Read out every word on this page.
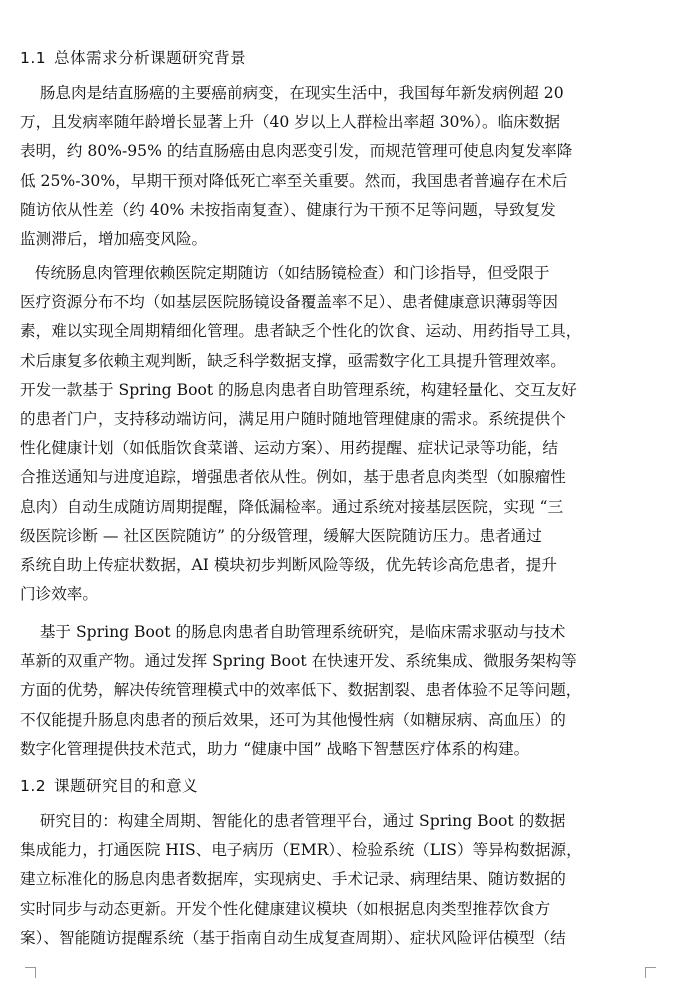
1.1 总体需求分析课题研究背景
肠息肉是结直肠癌的主要癌前病变，在现实生活中，我国每年新发病例超 20
万，且发病率随年龄增长显著上升（40 岁以上人群检出率超 30%）。临床数据
表明，约 80%-95% 的结直肠癌由息肉恶变引发，而规范管理可使息肉复发率降
低 25%-30%，早期干预对降低死亡率至关重要。然而，我国患者普遍存在术后
随访依从性差（约 40% 未按指南复查）、健康行为干预不足等问题，导致复发
监测滞后，增加癌变风险。
传统肠息肉管理依赖医院定期随访（如结肠镜检查）和门诊指导，但受限于
医疗资源分布不均（如基层医院肠镜设备覆盖率不足）、患者健康意识薄弱等因
素，难以实现全周期精细化管理。患者缺乏个性化的饮食、运动、用药指导工具，
术后康复多依赖主观判断，缺乏科学数据支撑，亟需数字化工具提升管理效率。
开发一款基于 Spring Boot 的肠息肉患者自助管理系统，构建轻量化、交互友好
的患者门户，支持移动端访问，满足用户随时随地管理健康的需求。系统提供个
性化健康计划（如低脂饮食菜谱、运动方案）、用药提醒、症状记录等功能，结
合推送通知与进度追踪，增强患者依从性。例如，基于患者息肉类型（如腺瘤性
息肉）自动生成随访周期提醒，降低漏检率。通过系统对接基层医院，实现 “三
级医院诊断 — 社区医院随访” 的分级管理，缓解大医院随访压力。患者通过
系统自助上传症状数据，AI 模块初步判断风险等级，优先转诊高危患者，提升
门诊效率。
基于 Spring Boot 的肠息肉患者自助管理系统研究，是临床需求驱动与技术
革新的双重产物。通过发挥 Spring Boot 在快速开发、系统集成、微服务架构等
方面的优势，解决传统管理模式中的效率低下、数据割裂、患者体验不足等问题，
不仅能提升肠息肉患者的预后效果，还可为其他慢性病（如糖尿病、高血压）的
数字化管理提供技术范式，助力 “健康中国” 战略下智慧医疗体系的构建。
1.2 课题研究目的和意义
研究目的：构建全周期、智能化的患者管理平台，通过 Spring Boot 的数据
集成能力，打通医院 HIS、电子病历（EMR）、检验系统（LIS）等异构数据源，
建立标准化的肠息肉患者数据库，实现病史、手术记录、病理结果、随访数据的
实时同步与动态更新。开发个性化健康建议模块（如根据息肉类型推荐饮食方
案）、智能随访提醒系统（基于指南自动生成复查周期）、症状风险评估模型（结
